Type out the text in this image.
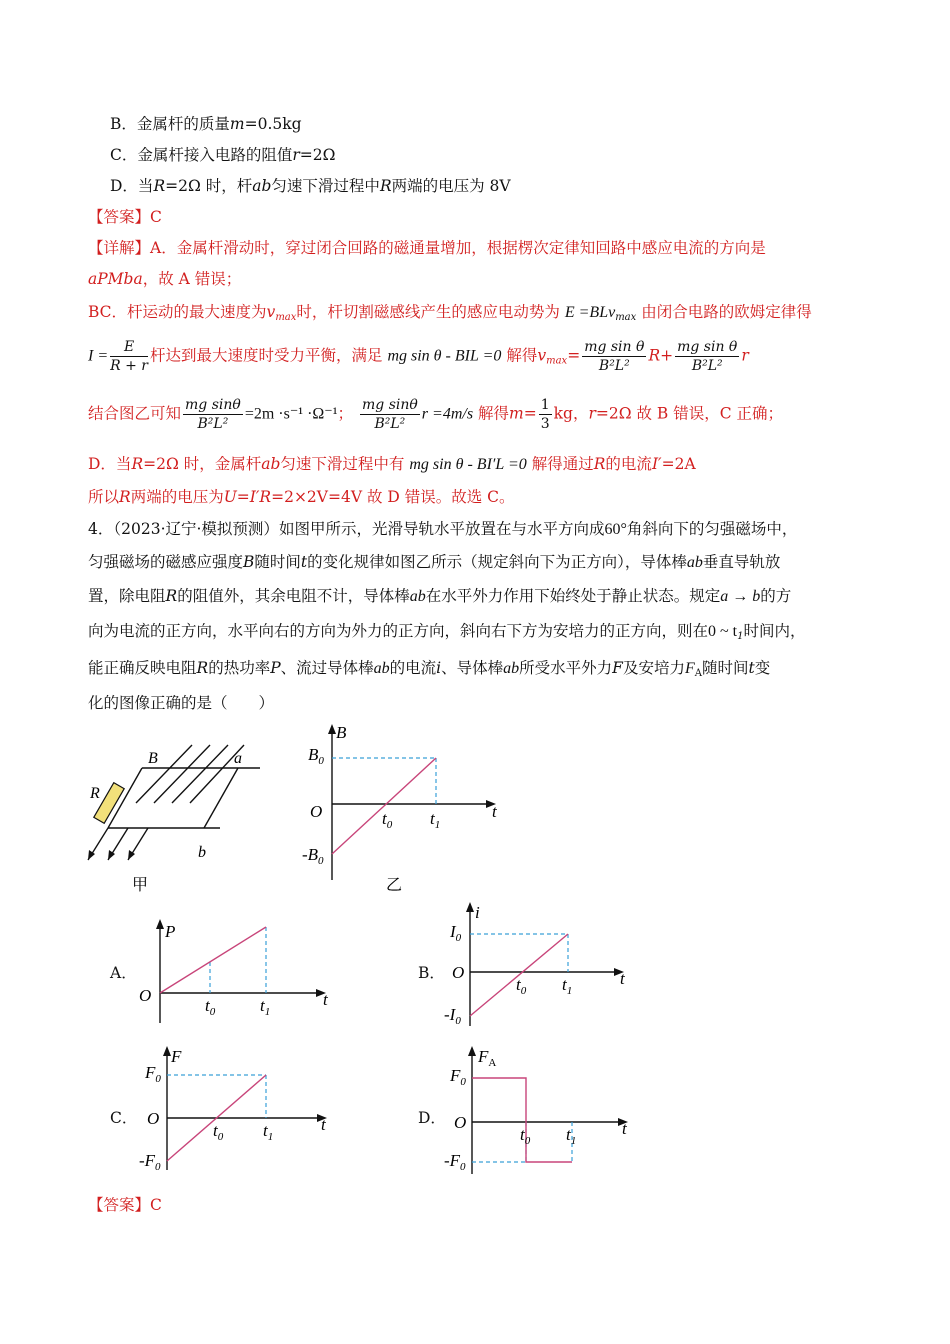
B．金属杆的质量m=0.5kg
C．金属杆接入电路的阻值r=2Ω
D．当R=2Ω 时，杆ab匀速下滑过程中R两端的电压为 8V
【答案】C
【详解】A．金属杆滑动时，穿过闭合回路的磁通量增加，根据楞次定律知回路中感应电流的方向是
aPMba，故 A 错误；
BC．杆运动的最大速度为$v_{max}$时，杆切割磁感线产生的感应电动势为 E =BLv$_{max}$ 由闭合电路的欧姆定律得
$I = \frac{E}{R + r}$ 杆达到最大速度时受力平衡，满足 mg sin θ - BIL =0 解得$v_{max}= \frac{\text{mg sin θ}}{\text{B²L²}} R+ \frac{\text{mg sin θ}}{\text{B²L²}}$ r
结合图乙可知 $\frac{\text{mg sinθ}}{\text{B²L²}} =2m \cdot s^{-1} \cdot\Omega^{-1}$； $\frac{\text{mg sinθ}}{\text{B²L²}}$ r =4m/s 解得$m= \frac{1}{3}$ kg，r=2Ω 故 B 错误，C 正确；
D．当R=2Ω 时，金属杆ab匀速下滑过程中有 mg sin θ - BI′L =0 解得通过R的电流I′=2A
所以R两端的电压为U=I′R=2×2V=4V 故 D 错误。故选 C。
4．（2023·辽宁·模拟预测）如图甲所示，光滑导轨水平放置在与水平方向成60°角斜向下的匀强磁场中，
匀强磁场的磁感应强度B随时间t的变化规律如图乙所示（规定斜向下为正方向），导体棒ab垂直导轨放
置，除电阻R的阻值外，其余电阻不计，导体棒ab在水平外力作用下始终处于静止状态。规定a → b的方
向为电流的正方向，水平向右的方向为外力的正方向，斜向右下方为安培力的正方向，则在0 ~ $t_1$时间内，
能正确反映电阻R的热功率P、流过导体棒ab的电流i、导体棒ab所受水平外力F及安培力$F_A$随时间t变
化的图像正确的是（　　）
B	a
R
b
甲
B
t
$B_0$
$-B_0$
O	$t_0$ $t_1$
乙
A．
P
t
O
$t_0$	$t_1$
B．
i
t
$I_0$
$-I_0$
O
$t_0$ $t_1$
C．
F
t
$F_0$
$-F_0$
O
$t_0$ $t_1$
D．
$F_A$
t
$F_0$
$-F_0$
O
$t_0$ $t_1$
【答案】C
